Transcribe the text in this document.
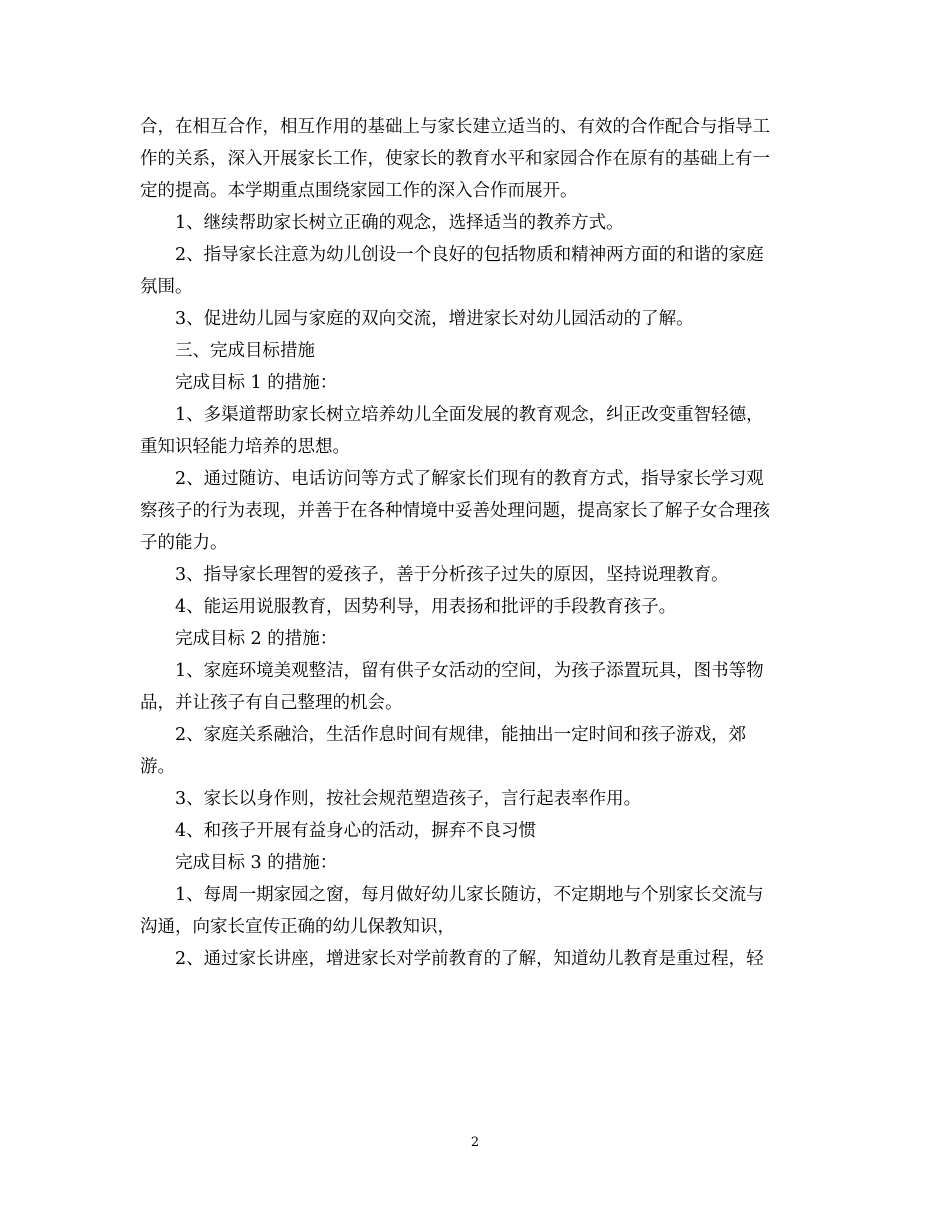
合，在相互合作，相互作用的基础上与家长建立适当的、有效的合作配合与指导工
作的关系，深入开展家长工作，使家长的教育水平和家园合作在原有的基础上有一
定的提高。本学期重点围绕家园工作的深入合作而展开。
1、继续帮助家长树立正确的观念，选择适当的教养方式。
2、指导家长注意为幼儿创设一个良好的包括物质和精神两方面的和谐的家庭
氛围。
3、促进幼儿园与家庭的双向交流，增进家长对幼儿园活动的了解。
三、完成目标措施
完成目标 1 的措施：
1、多渠道帮助家长树立培养幼儿全面发展的教育观念，纠正改变重智轻德，
重知识轻能力培养的思想。
2、通过随访、电话访问等方式了解家长们现有的教育方式，指导家长学习观
察孩子的行为表现，并善于在各种情境中妥善处理问题，提高家长了解子女合理孩
子的能力。
3、指导家长理智的爱孩子，善于分析孩子过失的原因，坚持说理教育。
4、能运用说服教育，因势利导，用表扬和批评的手段教育孩子。
完成目标 2 的措施：
1、家庭环境美观整洁，留有供子女活动的空间，为孩子添置玩具，图书等物
品，并让孩子有自己整理的机会。
2、家庭关系融洽，生活作息时间有规律，能抽出一定时间和孩子游戏，郊
游。
3、家长以身作则，按社会规范塑造孩子，言行起表率作用。
4、和孩子开展有益身心的活动，摒弃不良习惯
完成目标 3 的措施：
1、每周一期家园之窗，每月做好幼儿家长随访，不定期地与个别家长交流与
沟通，向家长宣传正确的幼儿保教知识，
2、通过家长讲座，增进家长对学前教育的了解，知道幼儿教育是重过程，轻
2
